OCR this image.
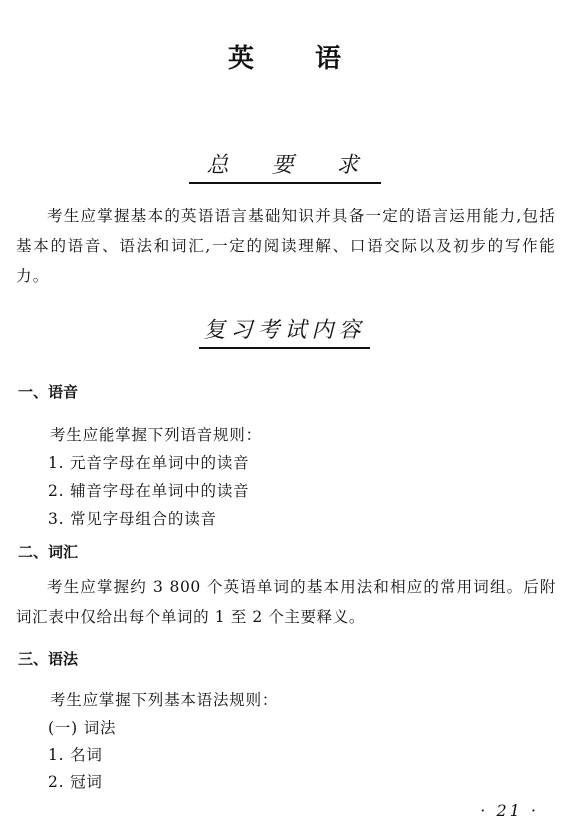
英 语
总 要 求
考生应掌握基本的英语语言基础知识并具备一定的语言运用能力,包括基本的语音、语法和词汇,一定的阅读理解、口语交际以及初步的写作能力。
复习考试内容
一、语音
考生应能掌握下列语音规则：
1. 元音字母在单词中的读音
2. 辅音字母在单词中的读音
3. 常见字母组合的读音
二、词汇
考生应掌握约 3 800 个英语单词的基本用法和相应的常用词组。后附词汇表中仅给出每个单词的 1 至 2 个主要释义。
三、语法
考生应掌握下列基本语法规则：
(一) 词法
1. 名词
2. 冠词
· 21 ·
